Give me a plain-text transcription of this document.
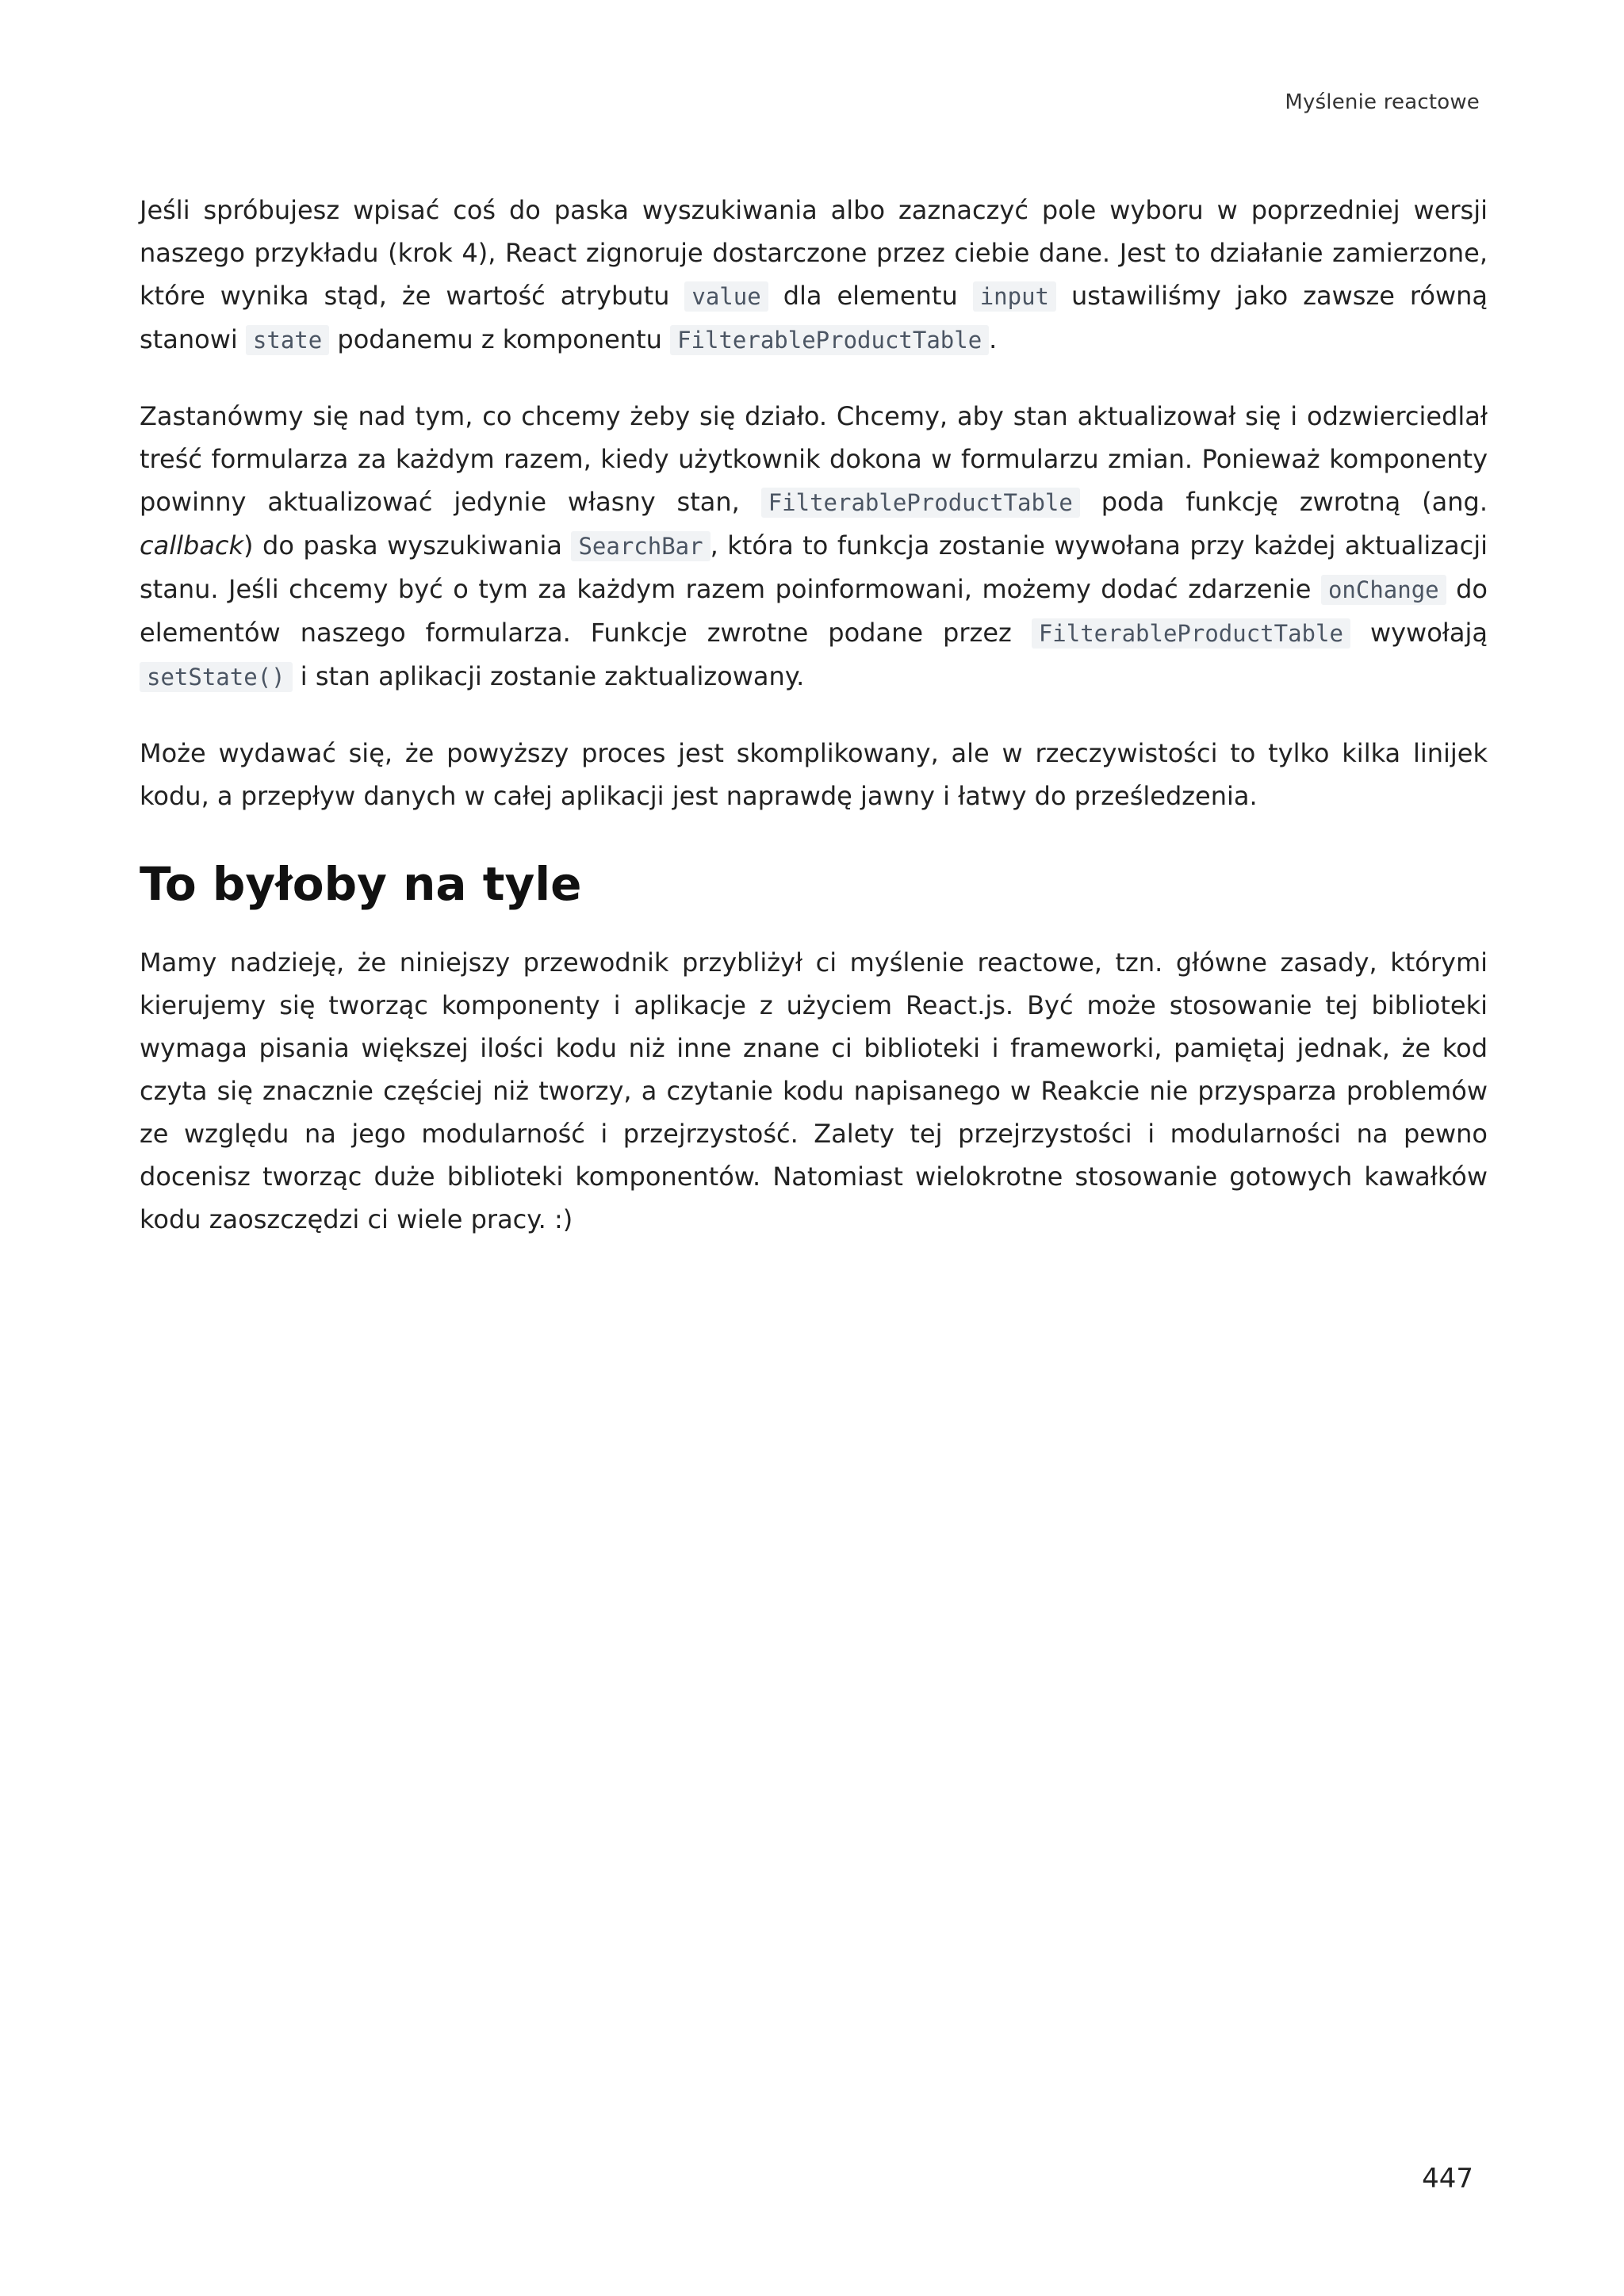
Myślenie reactowe

Jeśli spróbujesz wpisać coś do paska wyszukiwania albo zaznaczyć pole wyboru w poprzedniej wersji naszego przykładu (krok 4), React zignoruje dostarczone przez ciebie dane. Jest to działanie zamierzone, które wynika stąd, że wartość atrybutu value dla elementu input ustawiliśmy jako zawsze równą stanowi state podanemu z komponentu FilterableProductTable .

Zastanówmy się nad tym, co chcemy żeby się działo. Chcemy, aby stan aktualizował się i odzwierciedlał treść formularza za każdym razem, kiedy użytkownik dokona w formularzu zmian. Ponieważ komponenty powinny aktualizować jedynie własny stan, FilterableProductTable poda funkcję zwrotną (ang. callback) do paska wyszukiwania SearchBar , która to funkcja zostanie wywołana przy każdej aktualizacji stanu. Jeśli chcemy być o tym za każdym razem poinformowani, możemy dodać zdarzenie onChange do elementów naszego formularza. Funkcje zwrotne podane przez FilterableProductTable wywołają setState() i stan aplikacji zostanie zaktualizowany.

Może wydawać się, że powyższy proces jest skomplikowany, ale w rzeczywistości to tylko kilka linijek kodu, a przepływ danych w całej aplikacji jest naprawdę jawny i łatwy do prześledzenia.

To byłoby na tyle

Mamy nadzieję, że niniejszy przewodnik przybliżył ci myślenie reactowe, tzn. główne zasady, którymi kierujemy się tworząc komponenty i aplikacje z użyciem React.js. Być może stosowanie tej biblioteki wymaga pisania większej ilości kodu niż inne znane ci biblioteki i frameworki, pamiętaj jednak, że kod czyta się znacznie częściej niż tworzy, a czytanie kodu napisanego w Reakcie nie przysparza problemów ze względu na jego modularność i przejrzystość. Zalety tej przejrzystości i modularności na pewno docenisz tworząc duże biblioteki komponentów. Natomiast wielokrotne stosowanie gotowych kawałków kodu zaoszczędzi ci wiele pracy. :)

447
